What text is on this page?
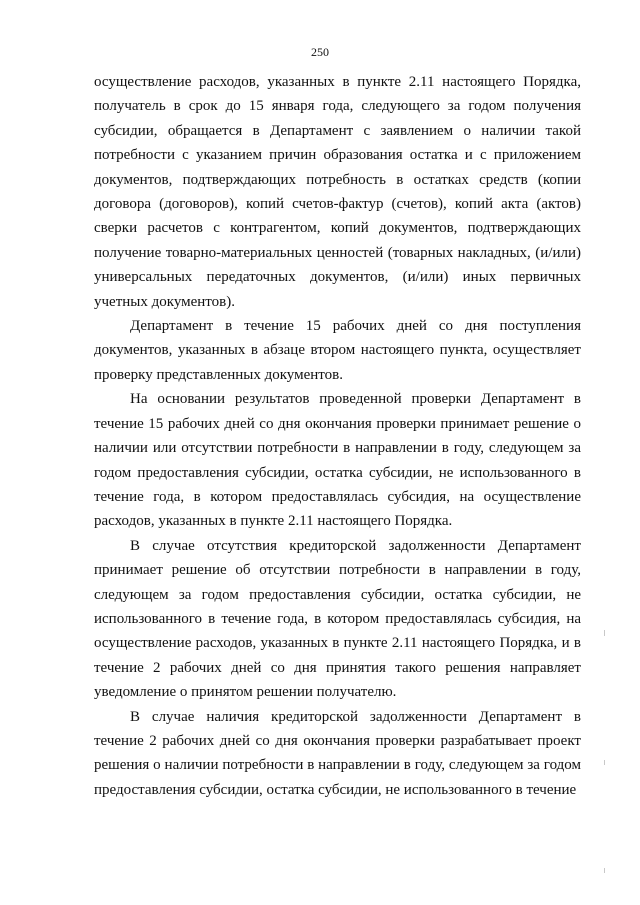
250

осуществление расходов, указанных в пункте 2.11 настоящего Порядка, получатель в срок до 15 января года, следующего за годом получения субсидии, обращается в Департамент с заявлением о наличии такой потребности с указанием причин образования остатка и с приложением документов, подтверждающих потребность в остатках средств (копии договора (договоров), копий счетов-фактур (счетов), копий акта (актов) сверки расчетов с контрагентом, копий документов, подтверждающих получение товарно-материальных ценностей (товарных накладных, (и/или) универсальных передаточных документов, (и/или) иных первичных учетных документов).

Департамент в течение 15 рабочих дней со дня поступления документов, указанных в абзаце втором настоящего пункта, осуществляет проверку представленных документов.

На основании результатов проведенной проверки Департамент в течение 15 рабочих дней со дня окончания проверки принимает решение о наличии или отсутствии потребности в направлении в году, следующем за годом предоставления субсидии, остатка субсидии, не использованного в течение года, в котором предоставлялась субсидия, на осуществление расходов, указанных в пункте 2.11 настоящего Порядка.

В случае отсутствия кредиторской задолженности Департамент принимает решение об отсутствии потребности в направлении в году, следующем за годом предоставления субсидии, остатка субсидии, не использованного в течение года, в котором предоставлялась субсидия, на осуществление расходов, указанных в пункте 2.11 настоящего Порядка, и в течение 2 рабочих дней со дня принятия такого решения направляет уведомление о принятом решении получателю.

В случае наличия кредиторской задолженности Департамент в течение 2 рабочих дней со дня окончания проверки разрабатывает проект решения о наличии потребности в направлении в году, следующем за годом предоставления субсидии, остатка субсидии, не использованного в течение
